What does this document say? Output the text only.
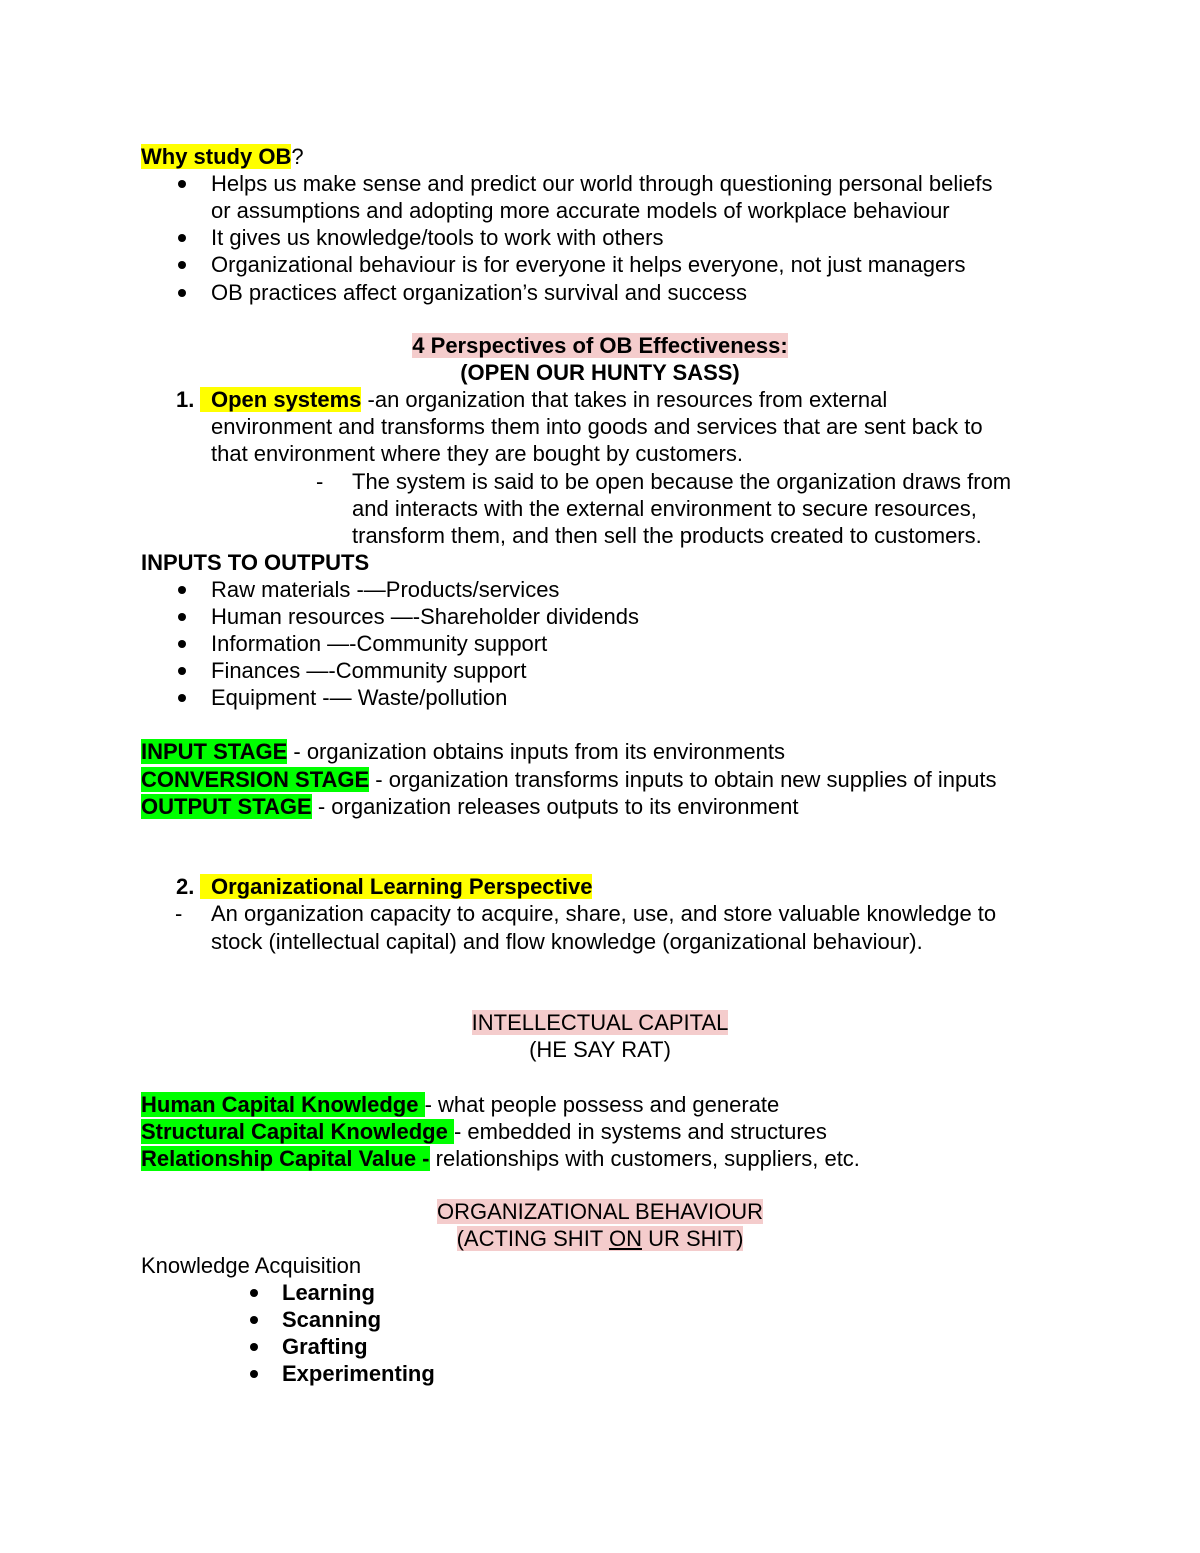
Why study OB?
Helps us make sense and predict our world through questioning personal beliefs
or assumptions and adopting more accurate models of workplace behaviour
It gives us knowledge/tools to work with others
Organizational behaviour is for everyone it helps everyone, not just managers
OB practices affect organization’s survival and success
4 Perspectives of OB Effectiveness:
(OPEN OUR HUNTY SASS)
1. Open systems -an organization that takes in resources from external
environment and transforms them into goods and services that are sent back to
that environment where they are bought by customers.
- The system is said to be open because the organization draws from
and interacts with the external environment to secure resources,
transform them, and then sell the products created to customers.
INPUTS TO OUTPUTS
Raw materials -—Products/services
Human resources —-Shareholder dividends
Information —-Community support
Finances —-Community support
Equipment -— Waste/pollution
INPUT STAGE - organization obtains inputs from its environments
CONVERSION STAGE - organization transforms inputs to obtain new supplies of inputs
OUTPUT STAGE - organization releases outputs to its environment
2. Organizational Learning Perspective
- An organization capacity to acquire, share, use, and store valuable knowledge to
stock (intellectual capital) and flow knowledge (organizational behaviour).
INTELLECTUAL CAPITAL
(HE SAY RAT)
Human Capital Knowledge - what people possess and generate
Structural Capital Knowledge - embedded in systems and structures
Relationship Capital Value - relationships with customers, suppliers, etc.
ORGANIZATIONAL BEHAVIOUR
(ACTING SHIT ON UR SHIT)
Knowledge Acquisition
Learning
Scanning
Grafting
Experimenting
